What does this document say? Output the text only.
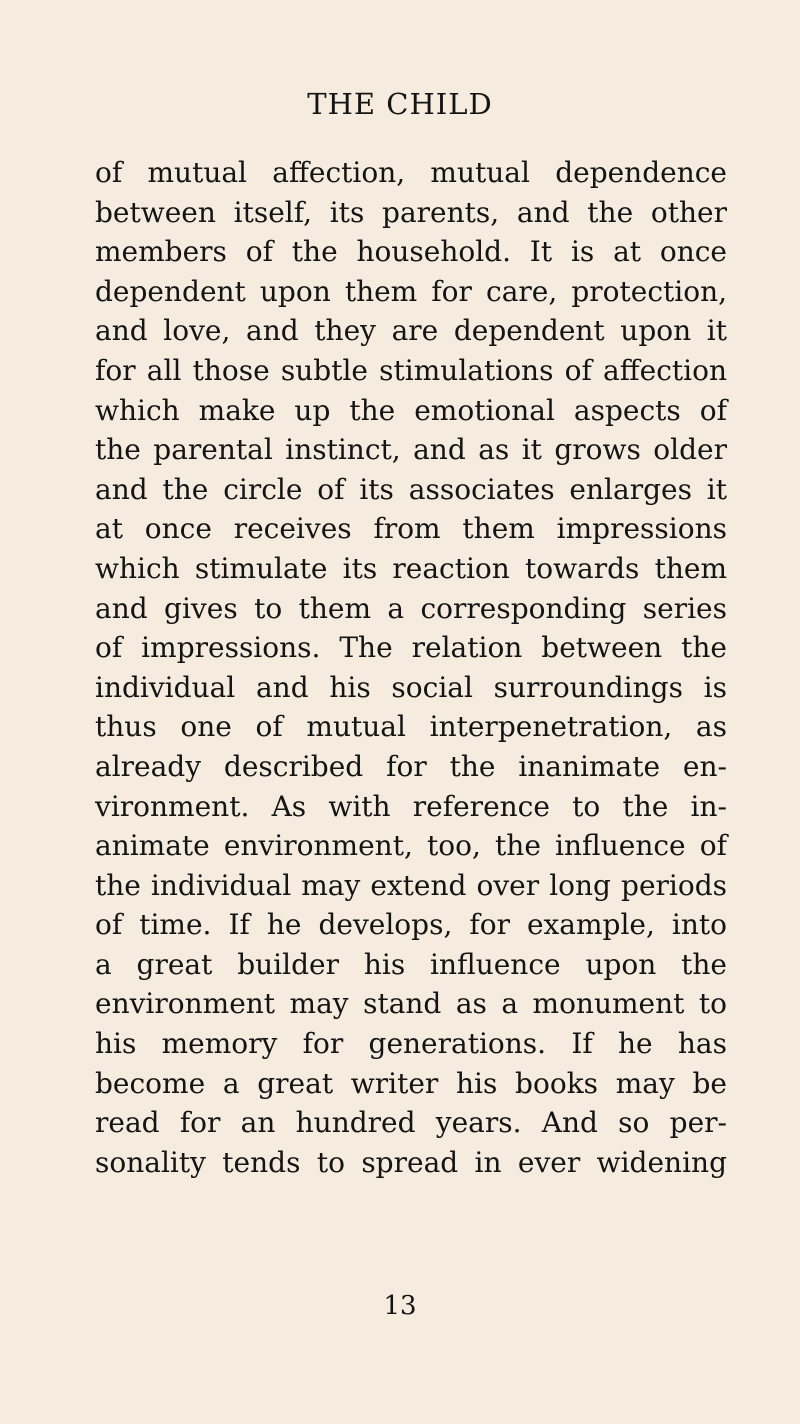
THE CHILD
of mutual affection, mutual dependence
between itself, its parents, and the other
members of the household. It is at once
dependent upon them for care, protection,
and love, and they are dependent upon it
for all those subtle stimulations of affection
which make up the emotional aspects of
the parental instinct, and as it grows older
and the circle of its associates enlarges it
at once receives from them impressions
which stimulate its reaction towards them
and gives to them a corresponding series
of impressions. The relation between the
individual and his social surroundings is
thus one of mutual interpenetration, as
already described for the inanimate en-
vironment. As with reference to the in-
animate environment, too, the influence of
the individual may extend over long periods
of time. If he develops, for example, into
a great builder his influence upon the
environment may stand as a monument to
his memory for generations. If he has
become a great writer his books may be
read for an hundred years. And so per-
sonality tends to spread in ever widening
13
